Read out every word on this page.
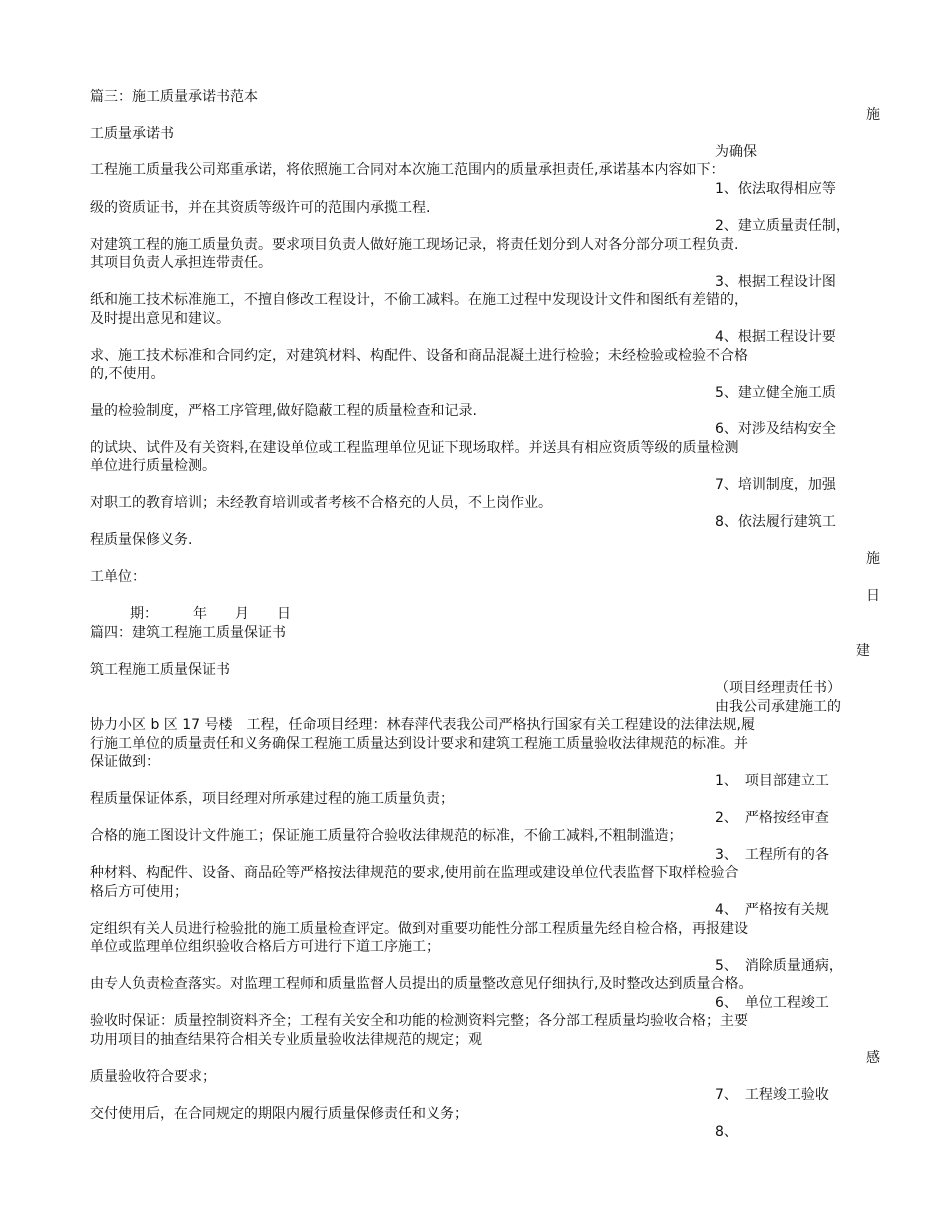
篇三：施工质量承诺书范本
施
工质量承诺书
为确保
工程施工质量我公司郑重承诺，将依照施工合同对本次施工范围内的质量承担责任,承诺基本内容如下：
1、依法取得相应等
级的资质证书，并在其资质等级许可的范围内承揽工程.
2、建立质量责任制，
对建筑工程的施工质量负责。要求项目负责人做好施工现场记录，将责任划分到人对各分部分项工程负责.
其项目负责人承担连带责任。
3、根据工程设计图
纸和施工技术标准施工，不擅自修改工程设计，不偷工减料。在施工过程中发现设计文件和图纸有差错的，
及时提出意见和建议。
4、根据工程设计要
求、施工技术标准和合同约定，对建筑材料、构配件、设备和商品混凝土进行检验；未经检验或检验不合格
的,不使用。
5、建立健全施工质
量的检验制度，严格工序管理,做好隐蔽工程的质量检查和记录.
6、对涉及结构安全
的试块、试件及有关资料,在建设单位或工程监理单位见证下现场取样。并送具有相应资质等级的质量检测
单位进行质量检测。
7、培训制度，加强
对职工的教育培训；未经教育培训或者考核不合格充的人员，不上岗作业。
8、依法履行建筑工
程质量保修义务.
施
工单位：
日
期：　　　年　　月　　日
篇四：建筑工程施工质量保证书
建
筑工程施工质量保证书
（项目经理责任书）
由我公司承建施工的
协力小区 b 区 17 号楼　工程，任命项目经理：林春萍代表我公司严格执行国家有关工程建设的法律法规,履
行施工单位的质量责任和义务确保工程施工质量达到设计要求和建筑工程施工质量验收法律规范的标准。并
保证做到：
1、　项目部建立工
程质量保证体系，项目经理对所承建过程的施工质量负责；
2、　严格按经审查
合格的施工图设计文件施工；保证施工质量符合验收法律规范的标准，不偷工减料,不粗制滥造；
3、　工程所有的各
种材料、构配件、设备、商品砼等严格按法律规范的要求,使用前在监理或建设单位代表监督下取样检验合
格后方可使用；
4、　严格按有关规
定组织有关人员进行检验批的施工质量检查评定。做到对重要功能性分部工程质量先经自检合格，再报建设
单位或监理单位组织验收合格后方可进行下道工序施工；
5、　消除质量通病，
由专人负责检查落实。对监理工程师和质量监督人员提出的质量整改意见仔细执行,及时整改达到质量合格。
6、　单位工程竣工
验收时保证：质量控制资料齐全；工程有关安全和功能的检测资料完整；各分部工程质量均验收合格；主要
功用项目的抽查结果符合相关专业质量验收法律规范的规定；观
感
质量验收符合要求；
7、　工程竣工验收
交付使用后，在合同规定的期限内履行质量保修责任和义务；
8、
